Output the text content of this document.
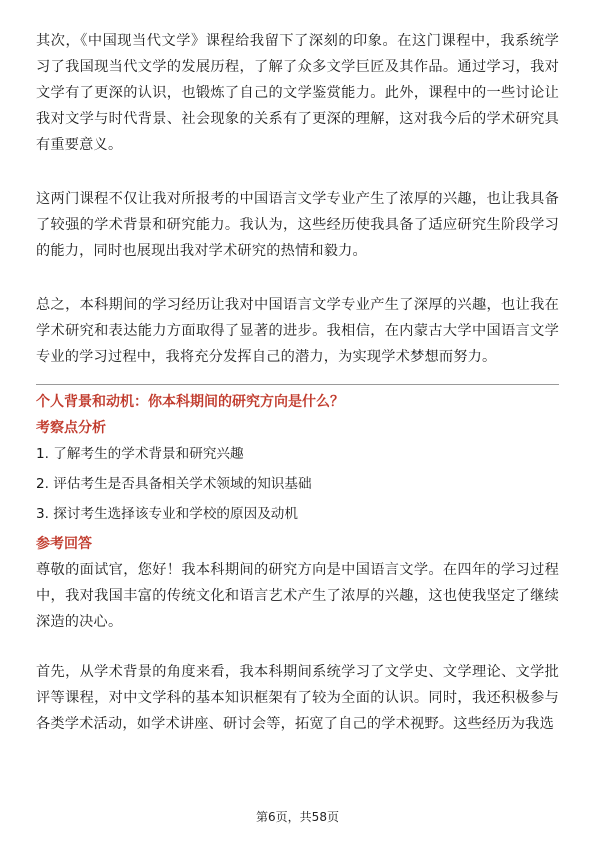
其次，《中国现当代文学》课程给我留下了深刻的印象。在这门课程中，我系统学习了我国现当代文学的发展历程，了解了众多文学巨匠及其作品。通过学习，我对文学有了更深的认识，也锻炼了自己的文学鉴赏能力。此外，课程中的一些讨论让我对文学与时代背景、社会现象的关系有了更深的理解，这对我今后的学术研究具有重要意义。

这两门课程不仅让我对所报考的中国语言文学专业产生了浓厚的兴趣，也让我具备了较强的学术背景和研究能力。我认为，这些经历使我具备了适应研究生阶段学习的能力，同时也展现出我对学术研究的热情和毅力。

总之，本科期间的学习经历让我对中国语言文学专业产生了深厚的兴趣，也让我在学术研究和表达能力方面取得了显著的进步。我相信，在内蒙古大学中国语言文学专业的学习过程中，我将充分发挥自己的潜力，为实现学术梦想而努力。

个人背景和动机：你本科期间的研究方向是什么？

考察点分析

1. 了解考生的学术背景和研究兴趣

2. 评估考生是否具备相关学术领域的知识基础

3. 探讨考生选择该专业和学校的原因及动机

参考回答

尊敬的面试官，您好！我本科期间的研究方向是中国语言文学。在四年的学习过程中，我对我国丰富的传统文化和语言艺术产生了浓厚的兴趣，这也使我坚定了继续深造的决心。

首先，从学术背景的角度来看，我本科期间系统学习了文学史、文学理论、文学批评等课程，对中文学科的基本知识框架有了较为全面的认识。同时，我还积极参与各类学术活动，如学术讲座、研讨会等，拓宽了自己的学术视野。这些经历为我选

第6页，共58页
